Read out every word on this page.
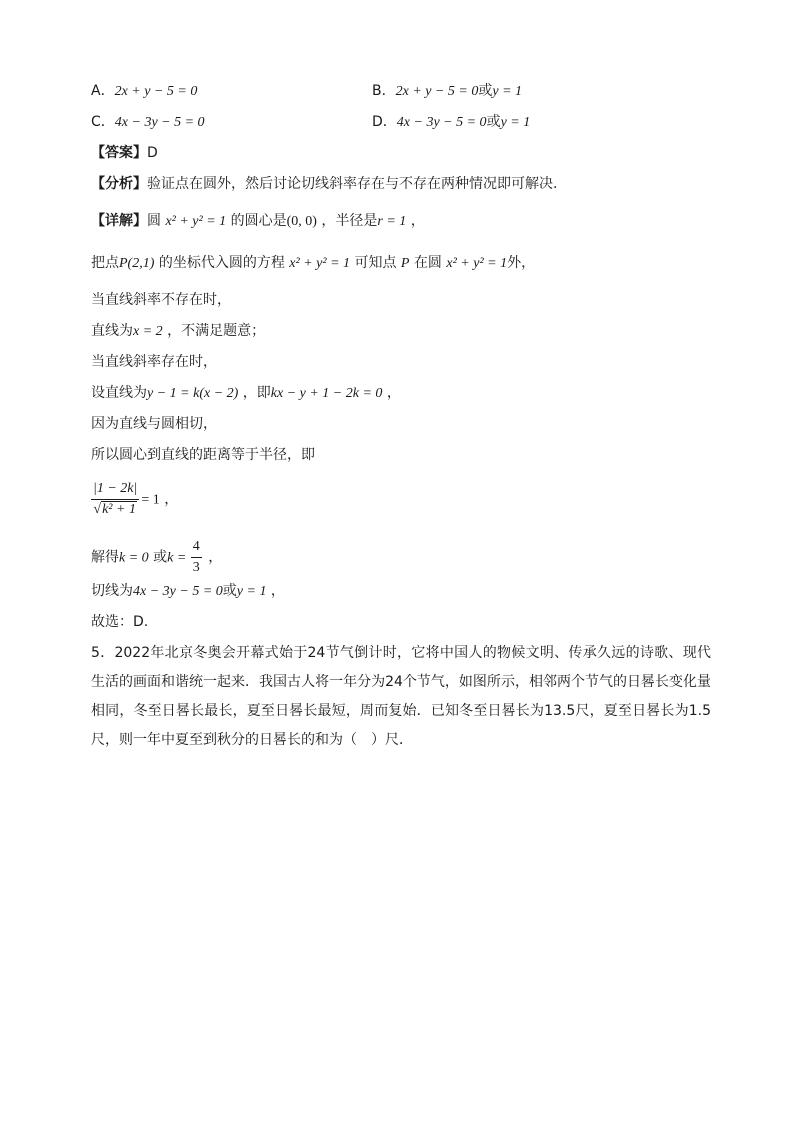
A．2x + y − 5 = 0	B．2x + y − 5 = 0或y = 1
C．4x − 3y − 5 = 0	D．4x − 3y − 5 = 0或y = 1
【答案】D
【分析】验证点在圆外，然后讨论切线斜率存在与不存在两种情况即可解决.
【详解】圆 x² + y² = 1 的圆心是(0, 0) ，半径是r = 1 ，
把点P(2,1) 的坐标代入圆的方程 x² + y² = 1 可知点 P 在圆 x² + y² = 1外，
当直线斜率不存在时，
直线为x = 2 ，不满足题意；
当直线斜率存在时，
设直线为y − 1 = k(x − 2) ，即kx − y + 1 − 2k = 0 ，
因为直线与圆相切，
所以圆心到直线的距离等于半径，即
$\frac{|1 - 2k|}{\text{√k² + 1}} = 1$ ，
解得k = 0 或$k = \frac{4}{3}$ ，
切线为4x − 3y − 5 = 0或y = 1 ，
故选：D.
5．2022年北京冬奥会开幕式始于24节气倒计时，它将中国人的物候文明、传承久远的诗歌、现代生活的画面和谐统一起来．我国古人将一年分为24个节气，如图所示，相邻两个节气的日晷长变化量相同，冬至日晷长最长，夏至日晷长最短，周而复始．已知冬至日晷长为13.5尺，夏至日晷长为1.5尺，则一年中夏至到秋分的日晷长的和为（　）尺．
